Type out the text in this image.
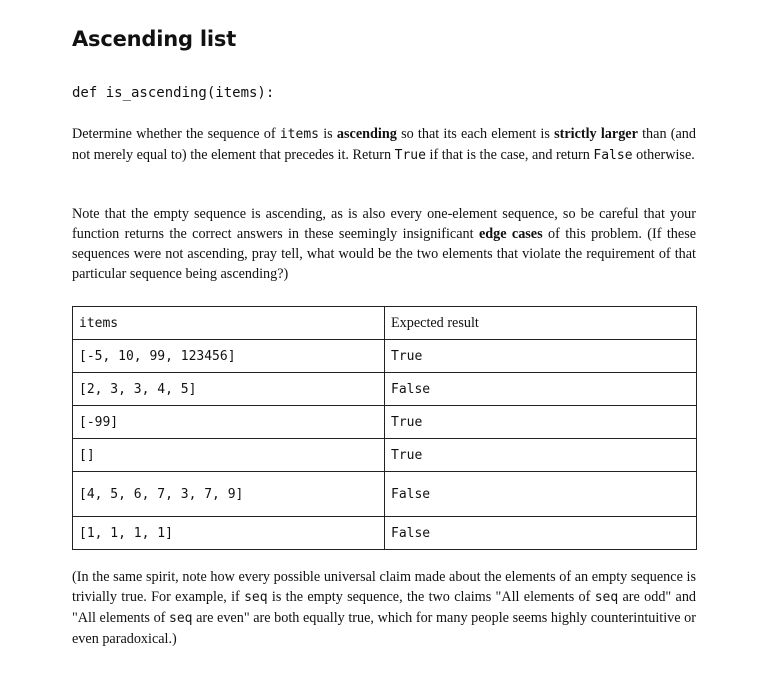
Ascending list

def is_ascending(items):

Determine whether the sequence of items is ascending so that its each element is strictly larger than (and not merely equal to) the element that precedes it. Return True if that is the case, and return False otherwise.

Note that the empty sequence is ascending, as is also every one-element sequence, so be careful that your function returns the correct answers in these seemingly insignificant edge cases of this problem. (If these sequences were not ascending, pray tell, what would be the two elements that violate the requirement of that particular sequence being ascending?)

items	Expected result
[-5, 10, 99, 123456]	True
[2, 3, 3, 4, 5]	False
[-99]	True
[]	True
[4, 5, 6, 7, 3, 7, 9]	False
[1, 1, 1, 1]	False

(In the same spirit, note how every possible universal claim made about the elements of an empty sequence is trivially true. For example, if seq is the empty sequence, the two claims "All elements of seq are odd" and "All elements of seq are even" are both equally true, which for many people seems highly counterintuitive or even paradoxical.)
